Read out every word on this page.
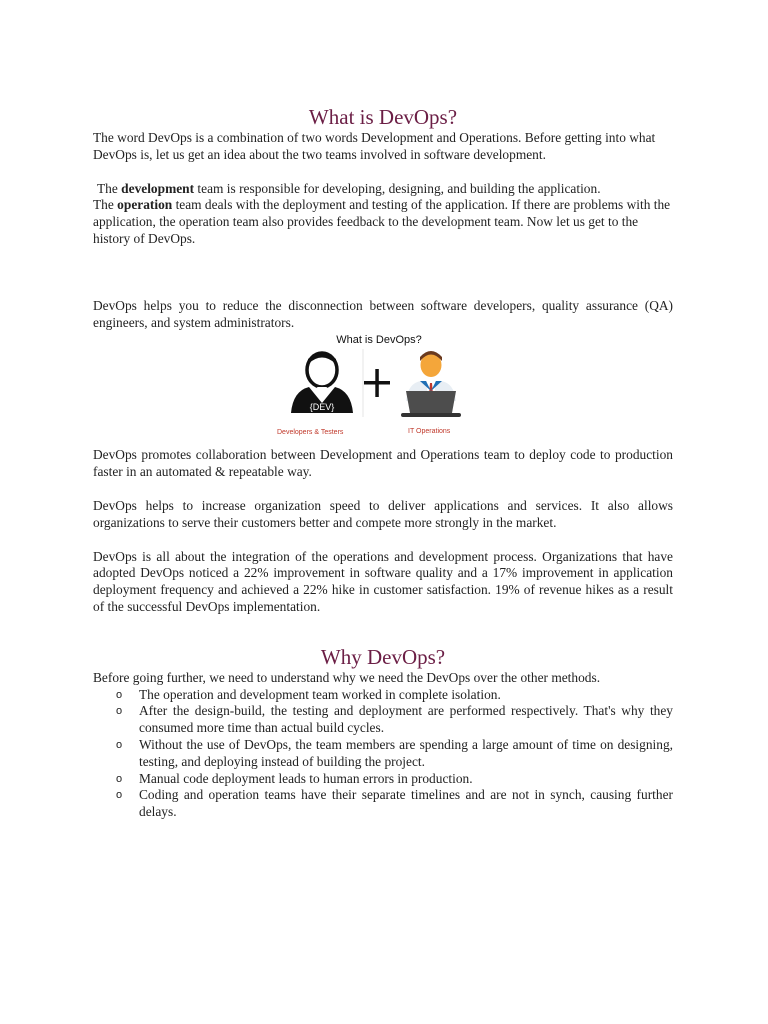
What is DevOps?

The word DevOps is a combination of two words Development and Operations. Before getting into what DevOps is, let us get an idea about the two teams involved in software development.

The development team is responsible for developing, designing, and building the application.

The operation team deals with the deployment and testing of the application. If there are problems with the application, the operation team also provides feedback to the development team. Now let us get to the history of DevOps.

DevOps helps you to reduce the disconnection between software developers, quality assurance (QA) engineers, and system administrators.

What is DevOps?
{DEV}
Developers & Testers	IT Operations

DevOps promotes collaboration between Development and Operations team to deploy code to production faster in an automated & repeatable way.

DevOps helps to increase organization speed to deliver applications and services. It also allows organizations to serve their customers better and compete more strongly in the market.

DevOps is all about the integration of the operations and development process. Organizations that have adopted DevOps noticed a 22% improvement in software quality and a 17% improvement in application deployment frequency and achieved a 22% hike in customer satisfaction. 19% of revenue hikes as a result of the successful DevOps implementation.

Why DevOps?

Before going further, we need to understand why we need the DevOps over the other methods.

o The operation and development team worked in complete isolation.
o After the design-build, the testing and deployment are performed respectively. That's why they consumed more time than actual build cycles.
o Without the use of DevOps, the team members are spending a large amount of time on designing, testing, and deploying instead of building the project.
o Manual code deployment leads to human errors in production.
o Coding and operation teams have their separate timelines and are not in synch, causing further delays.
